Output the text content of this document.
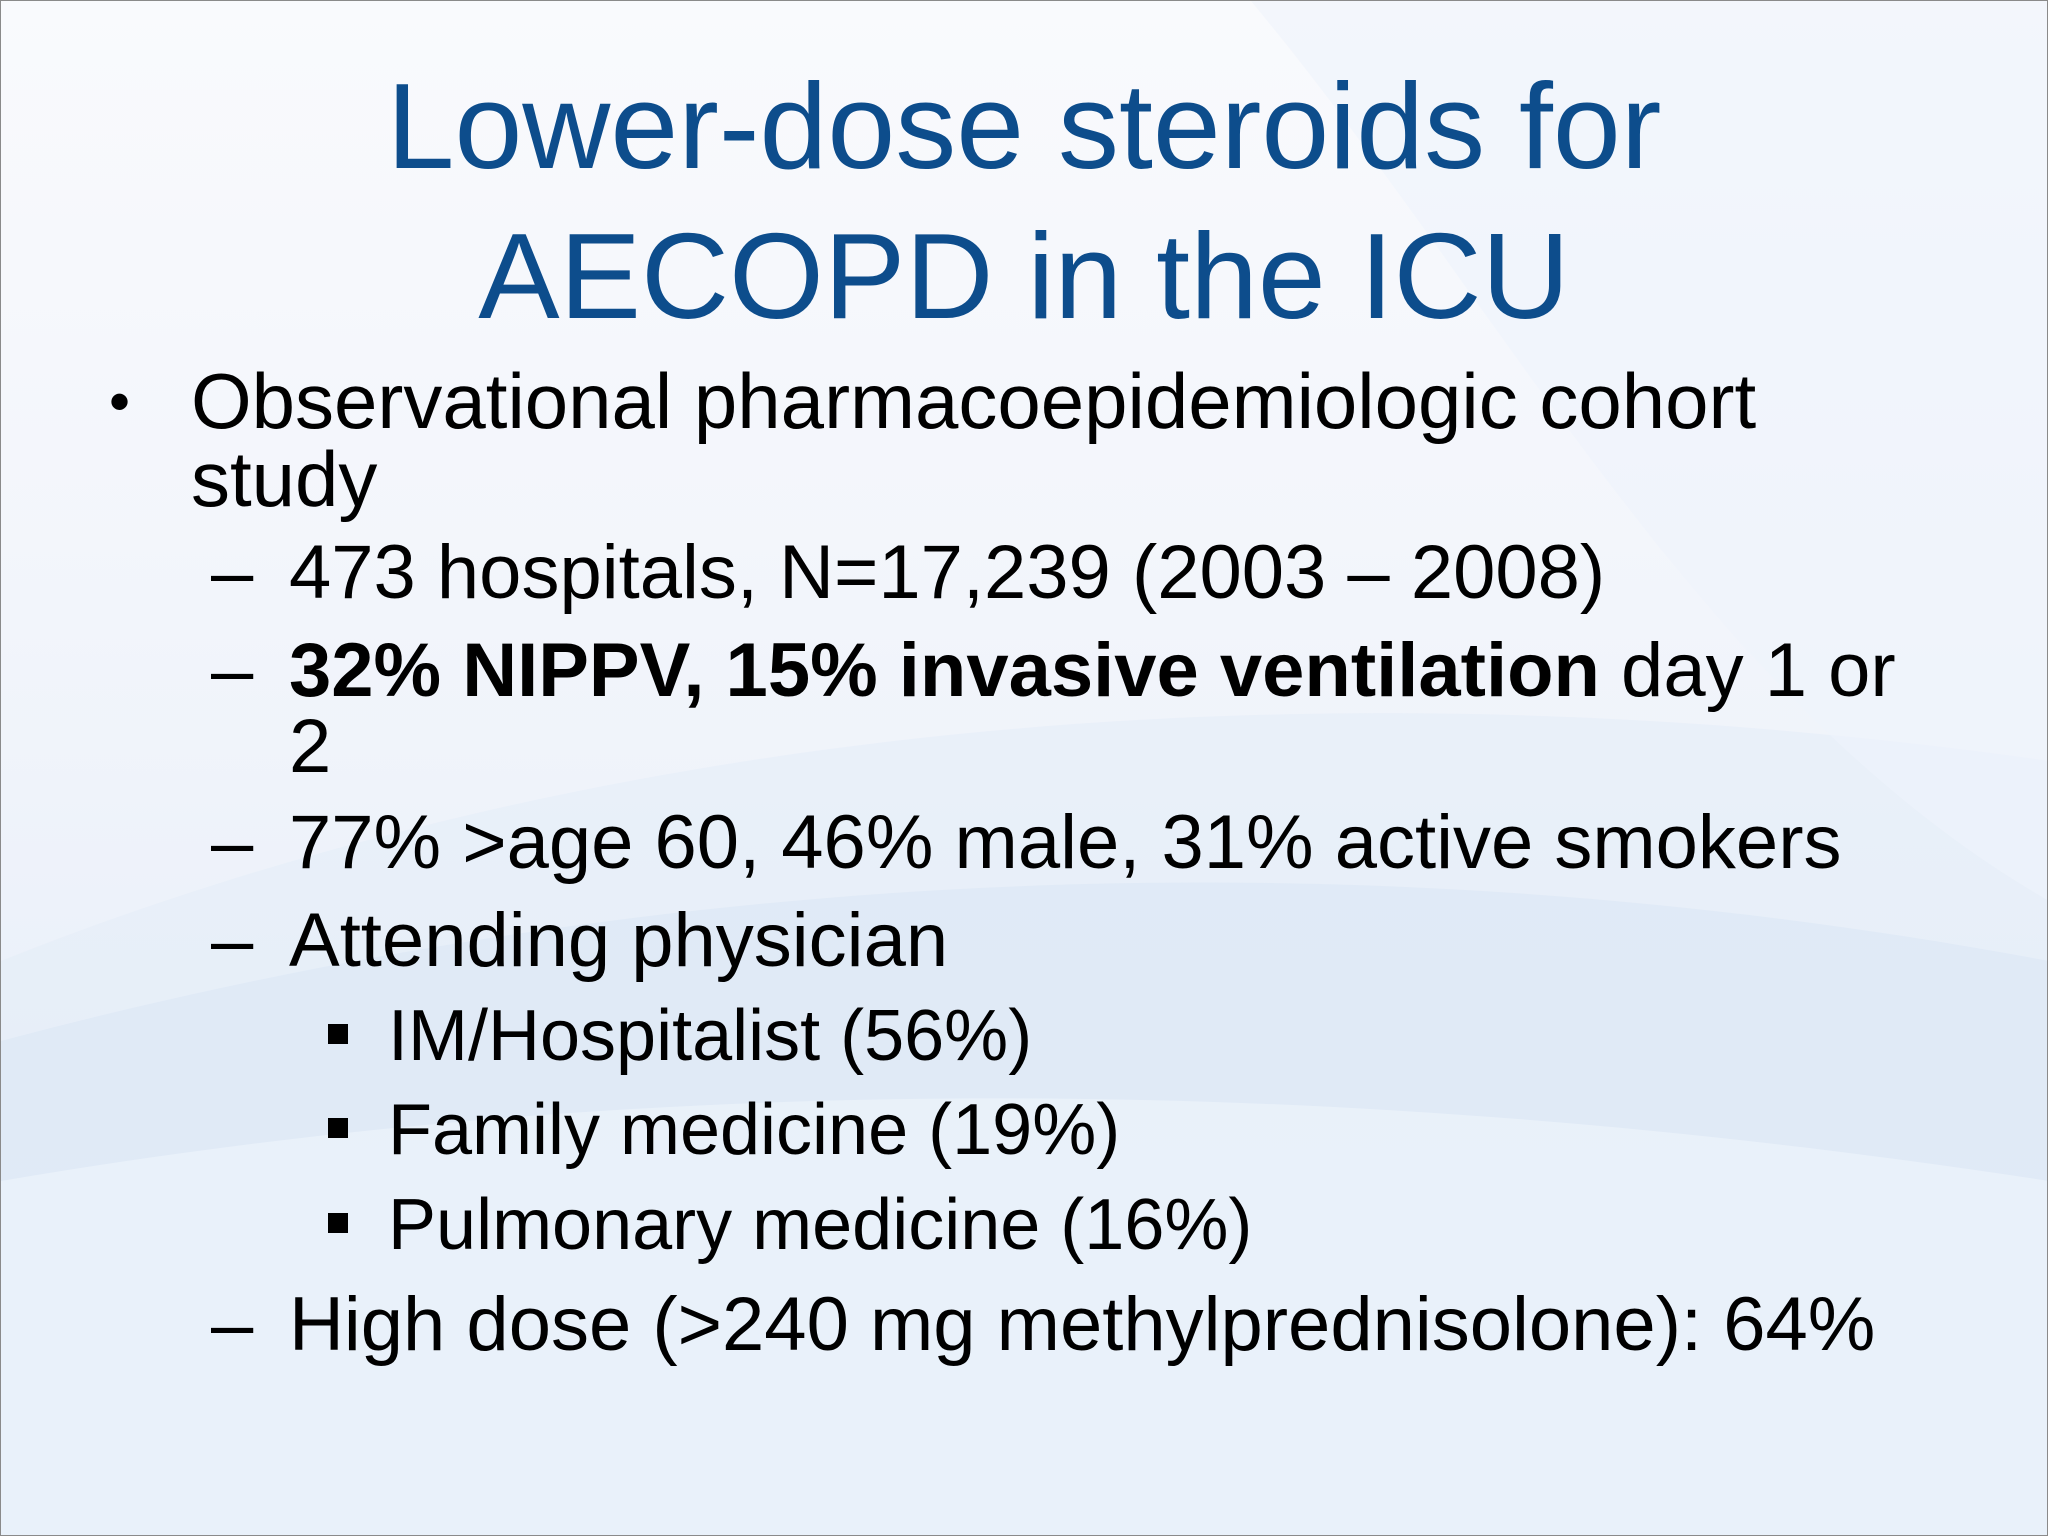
Lower-dose steroids for
AECOPD in the ICU
• Observational pharmacoepidemiologic cohort
study
– 473 hospitals, N=17,239 (2003 – 2008)
– 32% NIPPV, 15% invasive ventilation day 1 or
2
– 77% >age 60, 46% male, 31% active smokers
– Attending physician
IM/Hospitalist (56%)
Family medicine (19%)
Pulmonary medicine (16%)
– High dose (>240 mg methylprednisolone): 64%
